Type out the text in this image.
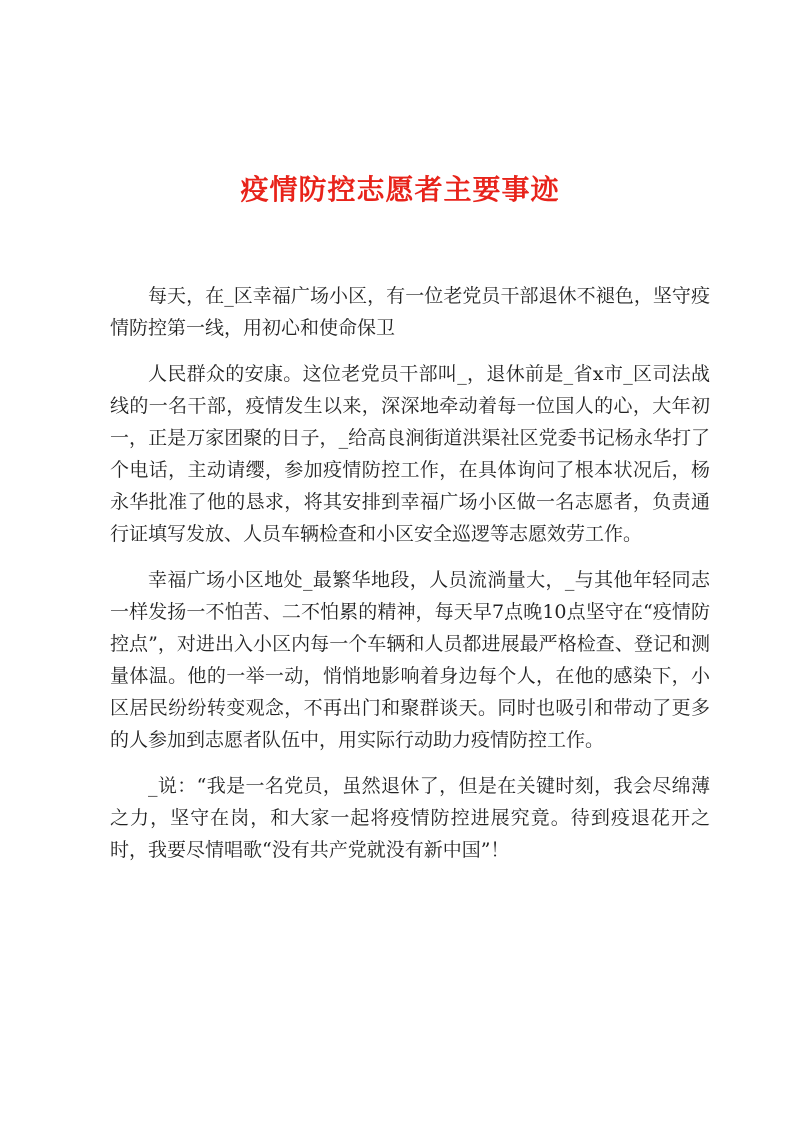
疫情防控志愿者主要事迹

每天，在_区幸福广场小区，有一位老党员干部退休不褪色，坚守疫情防控第一线，用初心和使命保卫

人民群众的安康。这位老党员干部叫_，退休前是_省x市_区司法战线的一名干部，疫情发生以来，深深地牵动着每一位国人的心，大年初一，正是万家团聚的日子，_给高良涧街道洪渠社区党委书记杨永华打了个电话，主动请缨，参加疫情防控工作，在具体询问了根本状况后，杨永华批准了他的恳求，将其安排到幸福广场小区做一名志愿者，负责通行证填写发放、人员车辆检查和小区安全巡逻等志愿效劳工作。

幸福广场小区地处_最繁华地段，人员流淌量大，_与其他年轻同志一样发扬一不怕苦、二不怕累的精神，每天早7点晚10点坚守在“疫情防控点”，对进出入小区内每一个车辆和人员都进展最严格检查、登记和测量体温。他的一举一动，悄悄地影响着身边每个人，在他的感染下，小区居民纷纷转变观念，不再出门和聚群谈天。同时也吸引和带动了更多的人参加到志愿者队伍中，用实际行动助力疫情防控工作。

_说：“我是一名党员，虽然退休了，但是在关键时刻，我会尽绵薄之力，坚守在岗，和大家一起将疫情防控进展究竟。待到疫退花开之时，我要尽情唱歌“没有共产党就没有新中国”！
